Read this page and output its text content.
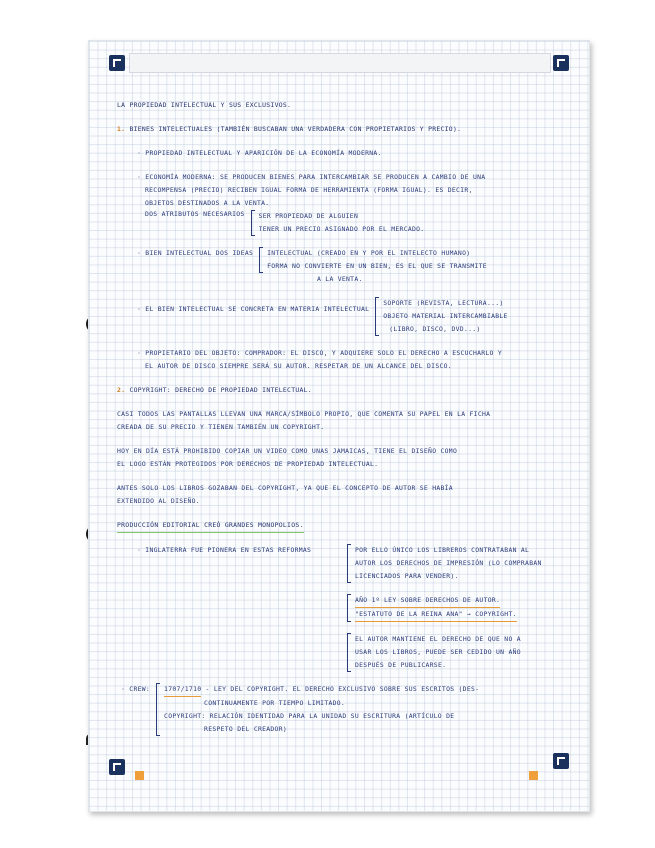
LA PROPIEDAD INTELECTUAL Y SUS EXCLUSIVOS.
1. BIENES INTELECTUALES (TAMBIÉN BUSCABAN UNA VERDADERA CON PROPIETARIOS Y PRECIO).
· PROPIEDAD INTELECTUAL Y APARICIÓN DE LA ECONOMÍA MODERNA.
· ECONOMÍA MODERNA: SE PRODUCEN BIENES PARA INTERCAMBIAR SE PRODUCEN A CAMBIO DE UNA
RECOMPENSA (PRECIO) RECIBEN IGUAL FORMA DE HERRAMIENTA (FORMA IGUAL). ES DECIR,
OBJETOS DESTINADOS A LA VENTA.
DOS ATRIBUTOS NECESARIOS SER PROPIEDAD DE ALGUIEN
TENER UN PRECIO ASIGNADO POR EL MERCADO.
· BIEN INTELECTUAL DOS IDEAS INTELECTUAL (CREADO EN Y POR EL INTELECTO HUMANO)
FORMA NO CONVIERTE EN UN BIEN, ES EL QUE SE TRANSMITE
A LA VENTA.
· EL BIEN INTELECTUAL SE CONCRETA EN MATERIA INTELECTUAL
SOPORTE (REVISTA, LECTURA...)
OBJETO MATERIAL INTERCAMBIABLE
(LIBRO, DISCO, DVD...)
· PROPIETARIO DEL OBJETO: COMPRADOR: EL DISCO, Y ADQUIERE SOLO EL DERECHO A ESCUCHARLO Y
EL AUTOR DE DISCO SIEMPRE SERÁ SU AUTOR. RESPETAR DE UN ALCANCE DEL DISCO.
2. COPYRIGHT: DERECHO DE PROPIEDAD INTELECTUAL.
CASI TODOS LAS PANTALLAS LLEVAN UNA MARCA/SÍMBOLO PROPIO, QUE COMENTA SU PAPEL EN LA FICHA
CREADA DE SU PRECIO Y TIENEN TAMBIÉN UN COPYRIGHT.
HOY EN DÍA ESTÁ PROHIBIDO COPIAR UN VIDEO COMO UNAS JAMAICAS, TIENE EL DISEÑO COMO
EL LOGO ESTÁN PROTEGIDOS POR DERECHOS DE PROPIEDAD INTELECTUAL.
ANTES SOLO LOS LIBROS GOZABAN DEL COPYRIGHT, YA QUE EL CONCEPTO DE AUTOR SE HABÍA
EXTENDIDO AL DISEÑO.
PRODUCCIÓN EDITORIAL CREÓ GRANDES MONOPOLIOS.
· INGLATERRA FUE PIONERA EN ESTAS REFORMAS	POR ELLO ÚNICO LOS LIBREROS CONTRATABAN AL
AUTOR LOS DERECHOS DE IMPRESIÓN (LO COMPRABAN
LICENCIADOS PARA VENDER).
AÑO 1º LEY SOBRE DERECHOS DE AUTOR.
"ESTATUTO DE LA REINA ANA" → COPYRIGHT.
EL AUTOR MANTIENE EL DERECHO DE QUE NO A
USAR LOS LIBROS, PUEDE SER CEDIDO UN AÑO
DESPUÉS DE PUBLICARSE.
· CREW: 1707/1710 - LEY DEL COPYRIGHT. EL DERECHO EXCLUSIVO SOBRE SUS ESCRITOS (DES-
CONTINUAMENTE POR TIEMPO LIMITADO.
COPYRIGHT: RELACIÓN IDENTIDAD PARA LA UNIDAD SU ESCRITURA (ARTÍCULO DE
RESPETO DEL CREADOR)
